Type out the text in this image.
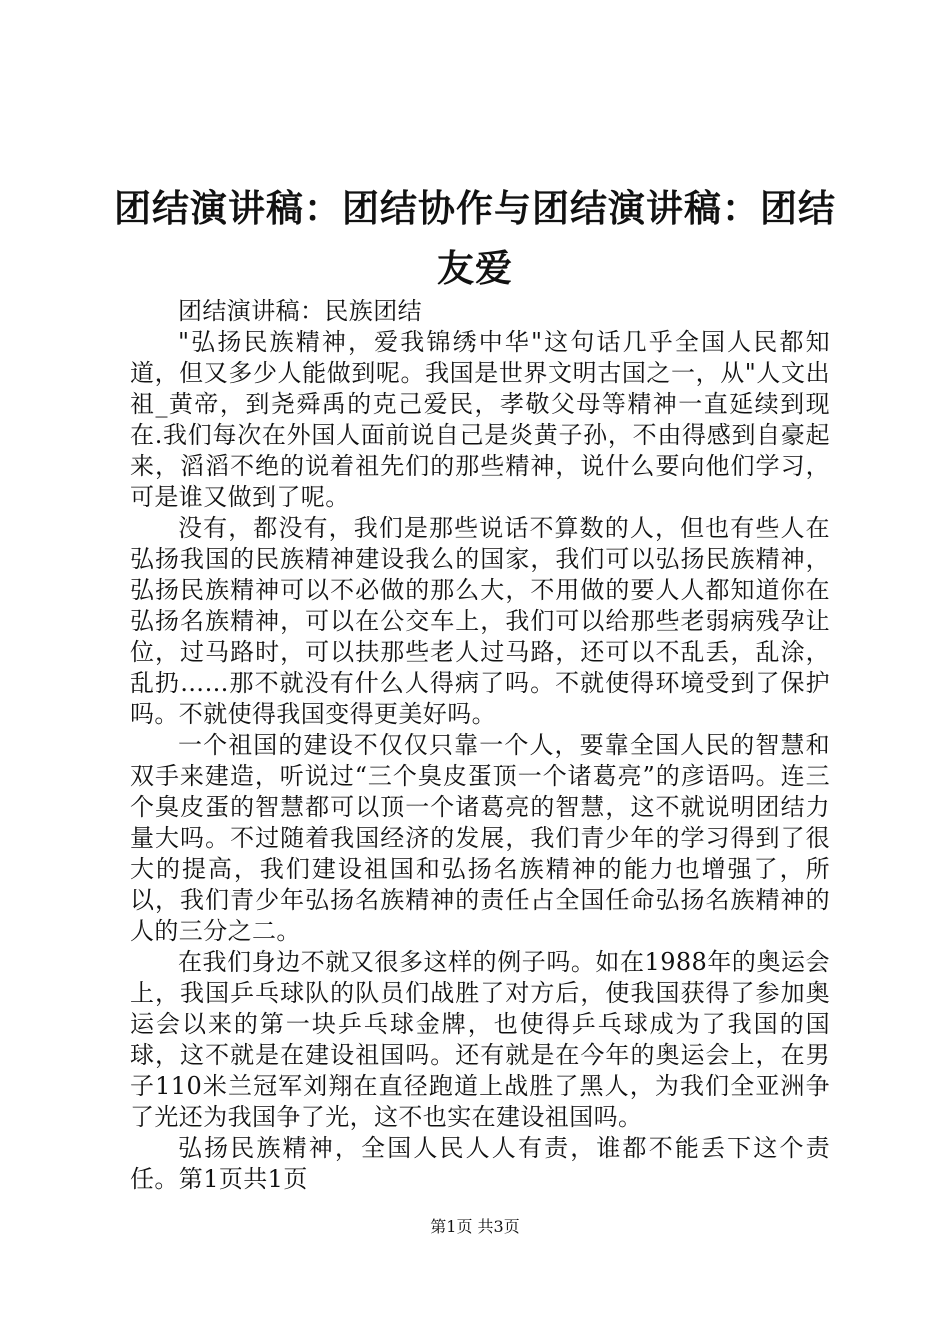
团结演讲稿：团结协作与团结演讲稿：团结友爱

团结演讲稿：民族团结

"弘扬民族精神，爱我锦绣中华"这句话几乎全国人民都知道，但又多少人能做到呢。我国是世界文明古国之一，从"人文出祖_黄帝，到尧舜禹的克己爱民，孝敬父母等精神一直延续到现在.我们每次在外国人面前说自己是炎黄子孙，不由得感到自豪起来，滔滔不绝的说着祖先们的那些精神，说什么要向他们学习，可是谁又做到了呢。

没有，都没有，我们是那些说话不算数的人，但也有些人在弘扬我国的民族精神建设我么的国家，我们可以弘扬民族精神，弘扬民族精神可以不必做的那么大，不用做的要人人都知道你在弘扬名族精神，可以在公交车上，我们可以给那些老弱病残孕让位，过马路时，可以扶那些老人过马路，还可以不乱丢，乱涂，乱扔……那不就没有什么人得病了吗。不就使得环境受到了保护吗。不就使得我国变得更美好吗。

一个祖国的建设不仅仅只靠一个人，要靠全国人民的智慧和双手来建造，听说过“三个臭皮蛋顶一个诸葛亮”的彦语吗。连三个臭皮蛋的智慧都可以顶一个诸葛亮的智慧，这不就说明团结力量大吗。不过随着我国经济的发展，我们青少年的学习得到了很大的提高，我们建设祖国和弘扬名族精神的能力也增强了，所以，我们青少年弘扬名族精神的责任占全国任命弘扬名族精神的人的三分之二。

在我们身边不就又很多这样的例子吗。如在1988年的奥运会上，我国乒乓球队的队员们战胜了对方后，使我国获得了参加奥运会以来的第一块乒乓球金牌，也使得乒乓球成为了我国的国球，这不就是在建设祖国吗。还有就是在今年的奥运会上，在男子110米兰冠军刘翔在直径跑道上战胜了黑人，为我们全亚洲争了光还为我国争了光，这不也实在建设祖国吗。

弘扬民族精神，全国人民人人有责，谁都不能丢下这个责任。第1页共1页

第1页 共3页
